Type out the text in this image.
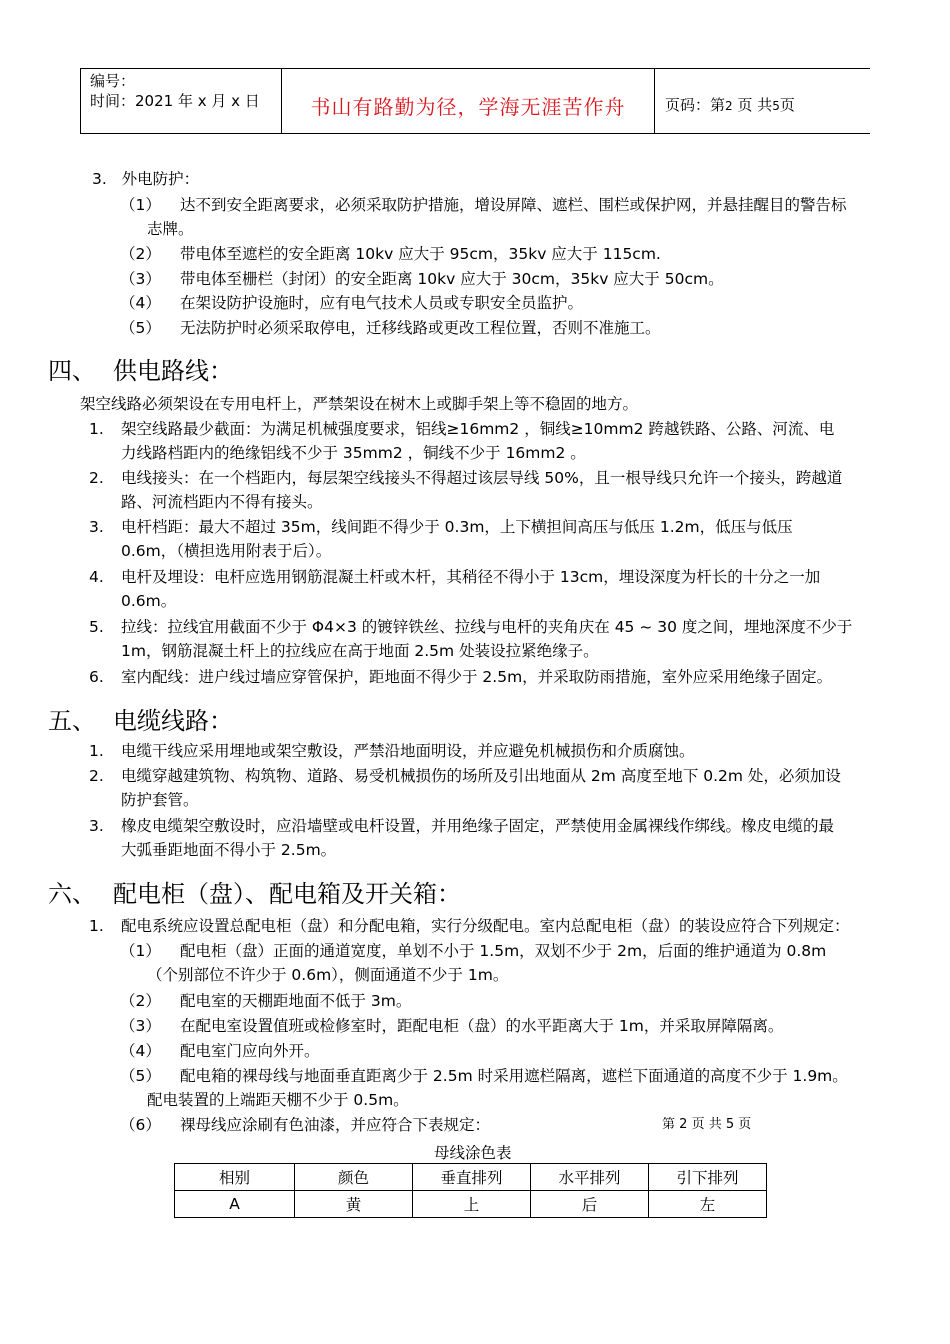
编号：
时间：2021 年 x 月 x 日	书山有路勤为径，学海无涯苦作舟	页码：第2 页 共5页
3.   外电防护：
（1） 达不到安全距离要求，必须采取防护措施，增设屏障、遮栏、围栏或保护网，并悬挂醒目的警告标
志牌。
（2） 带电体至遮栏的安全距离 10kv 应大于 95cm，35kv 应大于 115cm.
（3） 带电体至栅栏（封闭）的安全距离 10kv 应大于 30cm，35kv 应大于 50cm。
（4） 在架设防护设施时，应有电气技术人员或专职安全员监护。
（5） 无法防护时必须采取停电，迁移线路或更改工程位置，否则不准施工。
四、 供电路线：
架空线路必须架设在专用电杆上，严禁架设在树木上或脚手架上等不稳固的地方。
1. 架空线路最少截面：为满足机械强度要求，铝线≥16mm2 ，铜线≥10mm2 跨越铁路、公路、河流、电
力线路档距内的绝缘铝线不少于 35mm2 ，铜线不少于 16mm2 。
2. 电线接头：在一个档距内，每层架空线接头不得超过该层导线 50%，且一根导线只允许一个接头，跨越道
路、河流档距内不得有接头。
3. 电杆档距：最大不超过 35m，线间距不得少于 0.3m，上下横担间高压与低压 1.2m，低压与低压
0.6m，（横担选用附表于后）。
4. 电杆及埋设：电杆应选用钢筋混凝土杆或木杆，其稍径不得小于 13cm，埋设深度为杆长的十分之一加
0.6m。
5. 拉线：拉线宜用截面不少于 Φ4×3 的镀锌铁丝、拉线与电杆的夹角庆在 45 ~ 30 度之间，埋地深度不少于
1m，钢筋混凝土杆上的拉线应在高于地面 2.5m 处装设拉紧绝缘子。
6. 室内配线：进户线过墙应穿管保护，距地面不得少于 2.5m，并采取防雨措施，室外应采用绝缘子固定。
五、 电缆线路：
1. 电缆干线应采用埋地或架空敷设，严禁沿地面明设，并应避免机械损伤和介质腐蚀。
2. 电缆穿越建筑物、构筑物、道路、易受机械损伤的场所及引出地面从 2m 高度至地下 0.2m 处，必须加设
防护套管。
3. 橡皮电缆架空敷设时，应沿墙壁或电杆设置，并用绝缘子固定，严禁使用金属裸线作绑线。橡皮电缆的最
大弧垂距地面不得小于 2.5m。
六、 配电柜（盘）、配电箱及开关箱：
1. 配电系统应设置总配电柜（盘）和分配电箱，实行分级配电。室内总配电柜（盘）的装设应符合下列规定：
（1） 配电柜（盘）正面的通道宽度，单划不小于 1.5m，双划不少于 2m，后面的维护通道为 0.8m
（个别部位不许少于 0.6m），侧面通道不少于 1m。
（2） 配电室的天棚距地面不低于 3m。
（3） 在配电室设置值班或检修室时，距配电柜（盘）的水平距离大于 1m，并采取屏障隔离。
（4） 配电室门应向外开。
（5） 配电箱的裸母线与地面垂直距离少于 2.5m 时采用遮栏隔离，遮栏下面通道的高度不少于 1.9m。
配电装置的上端距天棚不少于 0.5m。
（6） 裸母线应涂刷有色油漆，并应符合下表规定：	第 2 页 共 5 页
母线涂色表
相别	颜色	垂直排列	水平排列	引下排列
A	黄	上	后	左
